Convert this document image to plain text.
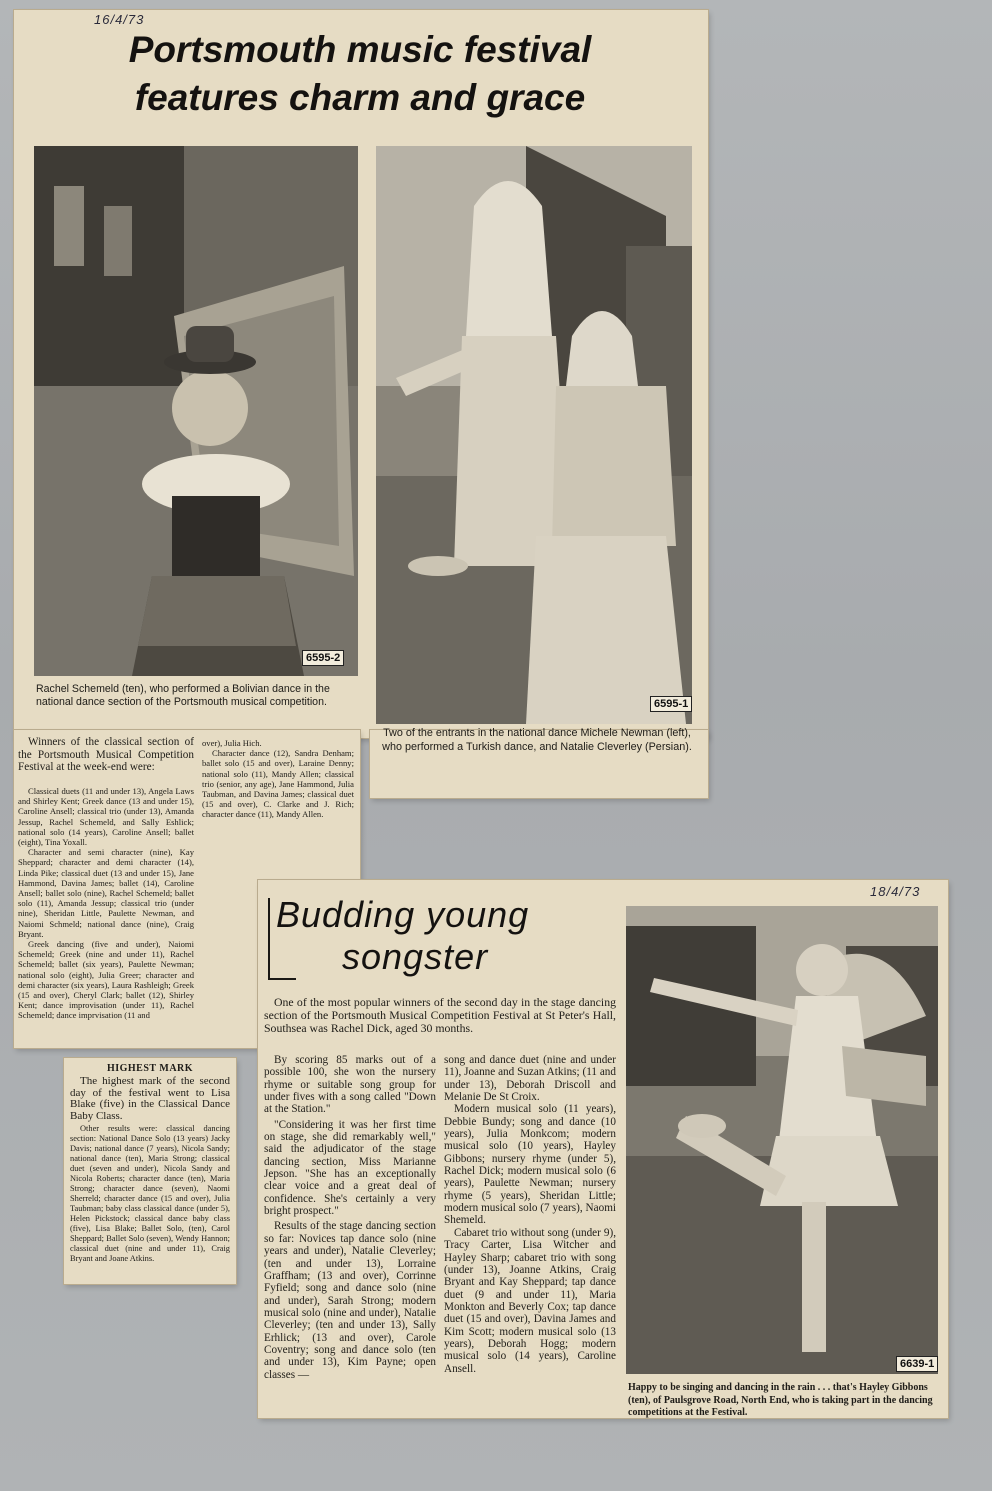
16/4/73
Portsmouth music festival
features charm and grace
6595-2
6595-1
Rachel Schemeld (ten), who performed a Bolivian dance in the national dance section of the Portsmouth musical competition.
Two of the entrants in the national dance Michele Newman (left), who performed a Turkish dance, and Natalie Cleverley (Persian).
Winners of the classical section of the Portsmouth Musical Competition Festival at the week-end were:

Classical duets (11 and under 13), Angela Laws and Shirley Kent; Greek dance (13 and under 15), Caroline Ansell; classical trio (under 13), Amanda Jessup, Rachel Schemeld, and Sally Eshlick; national solo (14 years), Caroline Ansell; ballet (eight), Tina Yoxall.

Character and semi character (nine), Kay Sheppard; character and demi character (14), Linda Pike; classical duet (13 and under 15), Jane Hammond, Davina James; ballet (14), Caroline Ansell; ballet solo (nine), Rachel Schemeld; ballet solo (11), Amanda Jessup; classical trio (under nine), Sheridan Little, Paulette Newman, and Naiomi Schmeld; national dance (nine), Craig Bryant.

Greek dancing (five and under), Naiomi Schemeld; Greek (nine and under 11), Rachel Schemeld; ballet (six years), Paulette Newman; national solo (eight), Julia Greer; character and demi character (six years), Laura Rashleigh; Greek (15 and over), Cheryl Clark; ballet (12), Shirley Kent; dance improvisation (under 11), Rachel Schemeld; dance imprvisation (11 and

over), Julia Hich.

Character dance (12), Sandra Denham; ballet solo (15 and over), Laraine Denny; national solo (11), Mandy Allen; classical trio (senior, any age), Jane Hammond, Julia Taubman, and Davina James; classical duet (15 and over), C. Clarke and J. Rich; character dance (11), Mandy Allen.

HIGHEST MARK
The highest mark of the second day of the festival went to Lisa Blake (five) in the Classical Dance Baby Class.
Other results were: classical dancing section: National Dance Solo (13 years) Jacky Davis; national dance (7 years), Nicola Sandy; national dance (ten), Maria Strong; classical duet (seven and under), Nicola Sandy and Nicola Roberts; character dance (ten), Maria Strong; character dance (seven), Naomi Sherreld; character dance (15 and over), Julia Taubman; baby class classical dance (under 5), Helen Pickstock; classical dance baby class (five), Lisa Blake; Ballet Solo, (ten), Carol Sheppard; Ballet Solo (seven), Wendy Hannon; classical duet (nine and under 11), Craig Bryant and Joane Atkins.
18/4/73
Budding young
songster
One of the most popular winners of the second day in the stage dancing section of the Portsmouth Musical Competition Festival at St Peter's Hall, Southsea was Rachel Dick, aged 30 months.

By scoring 85 marks out of a possible 100, she won the nursery rhyme or suitable song group for under fives with a song called "Down at the Station."

"Considering it was her first time on stage, she did remarkably well," said the adjudicator of the stage dancing section, Miss Marianne Jepson. "She has an exceptionally clear voice and a great deal of confidence. She's certainly a very bright prospect."

Results of the stage dancing section so far: Novices tap dance solo (nine years and under), Natalie Cleverley; (ten and under 13), Lorraine Graffham; (13 and over), Corrinne Fyfield; song and dance solo (nine and under), Sarah Strong; modern musical solo (nine and under), Natalie Cleverley; (ten and under 13), Sally Erhlick; (13 and over), Carole Coventry; song and dance solo (ten and under 13), Kim Payne; open classes —

song and dance duet (nine and under 11), Joanne and Suzan Atkins; (11 and under 13), Deborah Driscoll and Melanie De St Croix.

Modern musical solo (11 years), Debbie Bundy; song and dance (10 years), Julia Monkcom; modern musical solo (10 years), Hayley Gibbons; nursery rhyme (under 5), Rachel Dick; modern musical solo (6 years), Paulette Newman; nursery rhyme (5 years), Sheridan Little; modern musical solo (7 years), Naomi Shemeld.

Cabaret trio without song (under 9), Tracy Carter, Lisa Witcher and Hayley Sharp; cabaret trio with song (under 13), Joanne Atkins, Craig Bryant and Kay Sheppard; tap dance duet (9 and under 11), Maria Monkton and Beverly Cox; tap dance duet (15 and over), Davina James and Kim Scott; modern musical solo (13 years), Deborah Hogg; modern musical solo (14 years), Caroline Ansell.	6639-1
Happy to be singing and dancing in the rain . . . that's Hayley Gibbons (ten), of Paulsgrove Road, North End, who is taking part in the dancing competitions at the Festival.
